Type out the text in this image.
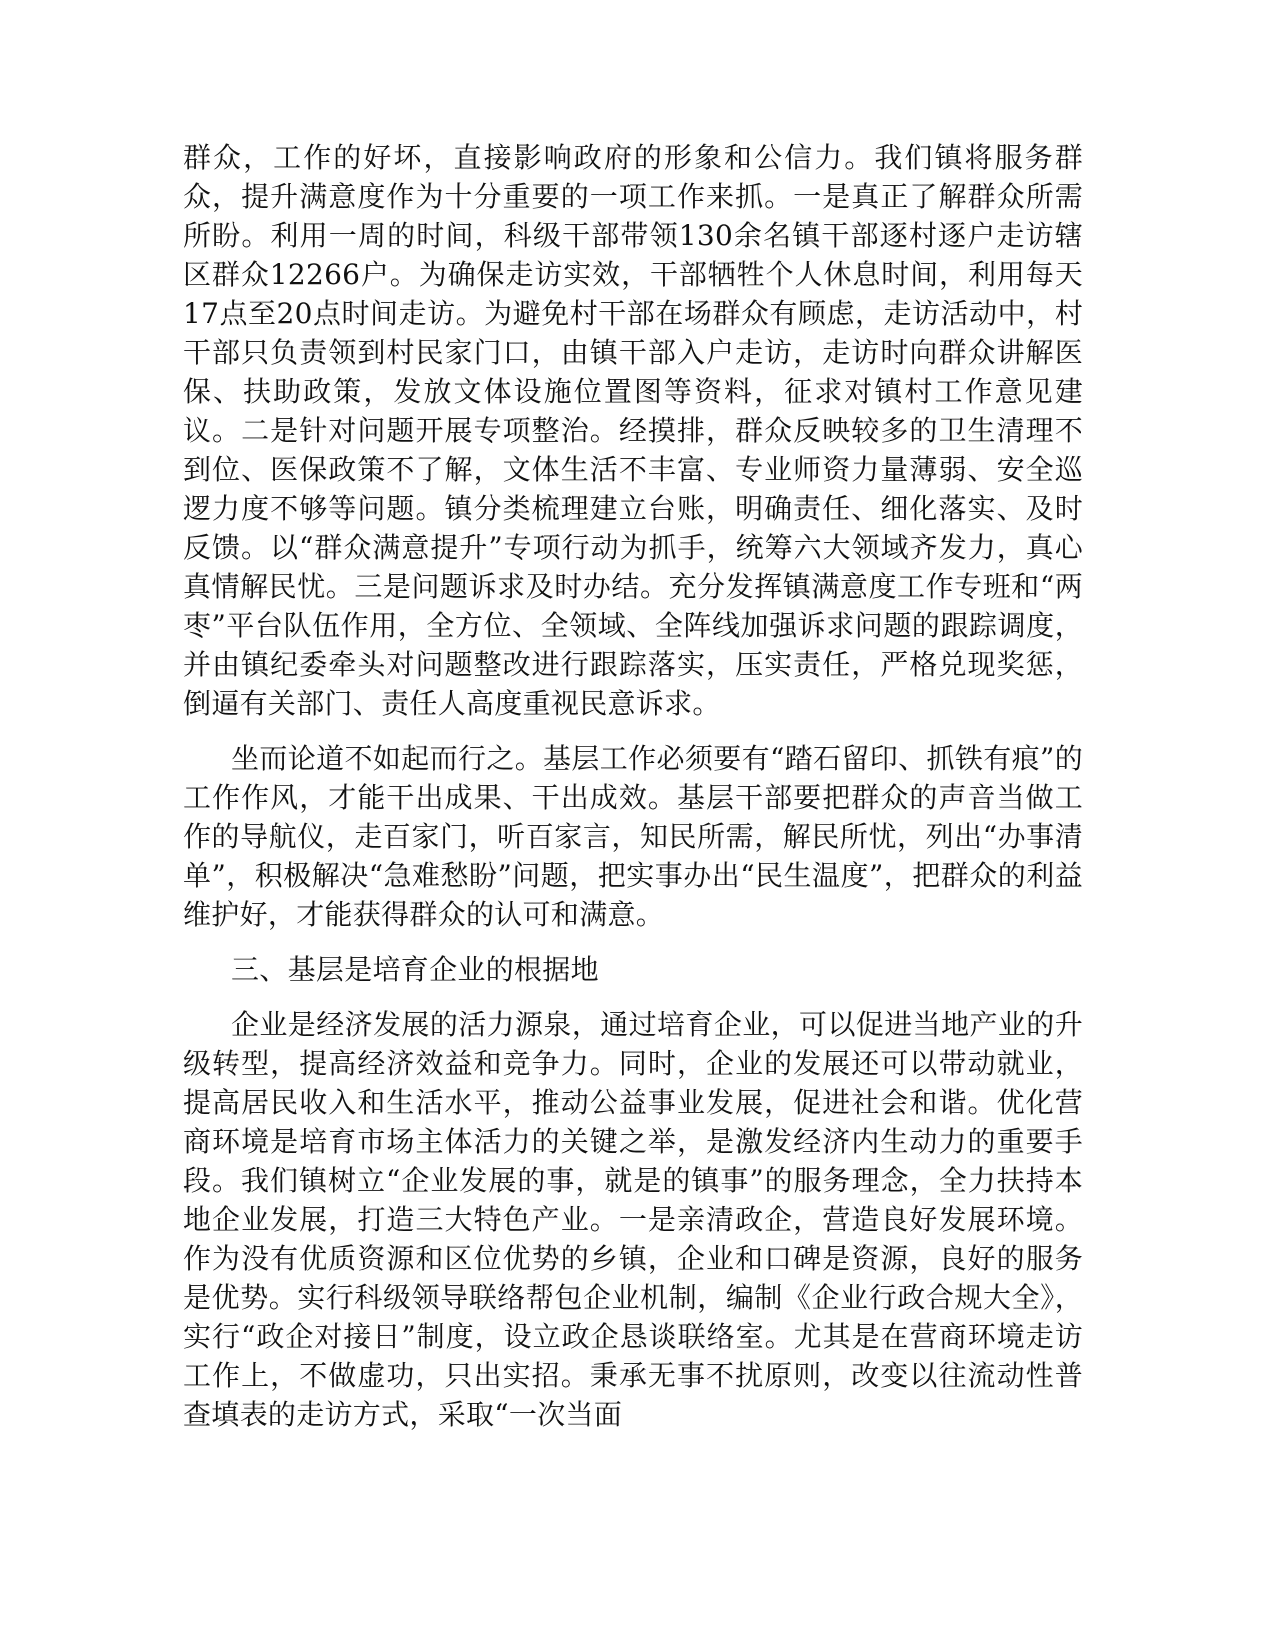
群众，工作的好坏，直接影响政府的形象和公信力。我们镇将服务群众，提升满意度作为十分重要的一项工作来抓。一是真正了解群众所需所盼。利用一周的时间，科级干部带领130余名镇干部逐村逐户走访辖区群众12266户。为确保走访实效，干部牺牲个人休息时间，利用每天17点至20点时间走访。为避免村干部在场群众有顾虑，走访活动中，村干部只负责领到村民家门口，由镇干部入户走访，走访时向群众讲解医保、扶助政策，发放文体设施位置图等资料，征求对镇村工作意见建议。二是针对问题开展专项整治。经摸排，群众反映较多的卫生清理不到位、医保政策不了解，文体生活不丰富、专业师资力量薄弱、安全巡逻力度不够等问题。镇分类梳理建立台账，明确责任、细化落实、及时反馈。以“群众满意提升”专项行动为抓手，统筹六大领域齐发力，真心真情解民忧。三是问题诉求及时办结。充分发挥镇满意度工作专班和“两枣”平台队伍作用，全方位、全领域、全阵线加强诉求问题的跟踪调度，并由镇纪委牵头对问题整改进行跟踪落实，压实责任，严格兑现奖惩，倒逼有关部门、责任人高度重视民意诉求。

坐而论道不如起而行之。基层工作必须要有“踏石留印、抓铁有痕”的工作作风，才能干出成果、干出成效。基层干部要把群众的声音当做工作的导航仪，走百家门，听百家言，知民所需，解民所忧，列出“办事清单”，积极解决“急难愁盼”问题，把实事办出“民生温度”，把群众的利益维护好，才能获得群众的认可和满意。

三、基层是培育企业的根据地

企业是经济发展的活力源泉，通过培育企业，可以促进当地产业的升级转型，提高经济效益和竞争力。同时，企业的发展还可以带动就业，提高居民收入和生活水平，推动公益事业发展，促进社会和谐。优化营商环境是培育市场主体活力的关键之举，是激发经济内生动力的重要手段。我们镇树立“企业发展的事，就是的镇事”的服务理念，全力扶持本地企业发展，打造三大特色产业。一是亲清政企，营造良好发展环境。作为没有优质资源和区位优势的乡镇，企业和口碑是资源，良好的服务是优势。实行科级领导联络帮包企业机制，编制《企业行政合规大全》，实行“政企对接日”制度，设立政企恳谈联络室。尤其是在营商环境走访工作上，不做虚功，只出实招。秉承无事不扰原则，改变以往流动性普查填表的走访方式，采取“一次当面
